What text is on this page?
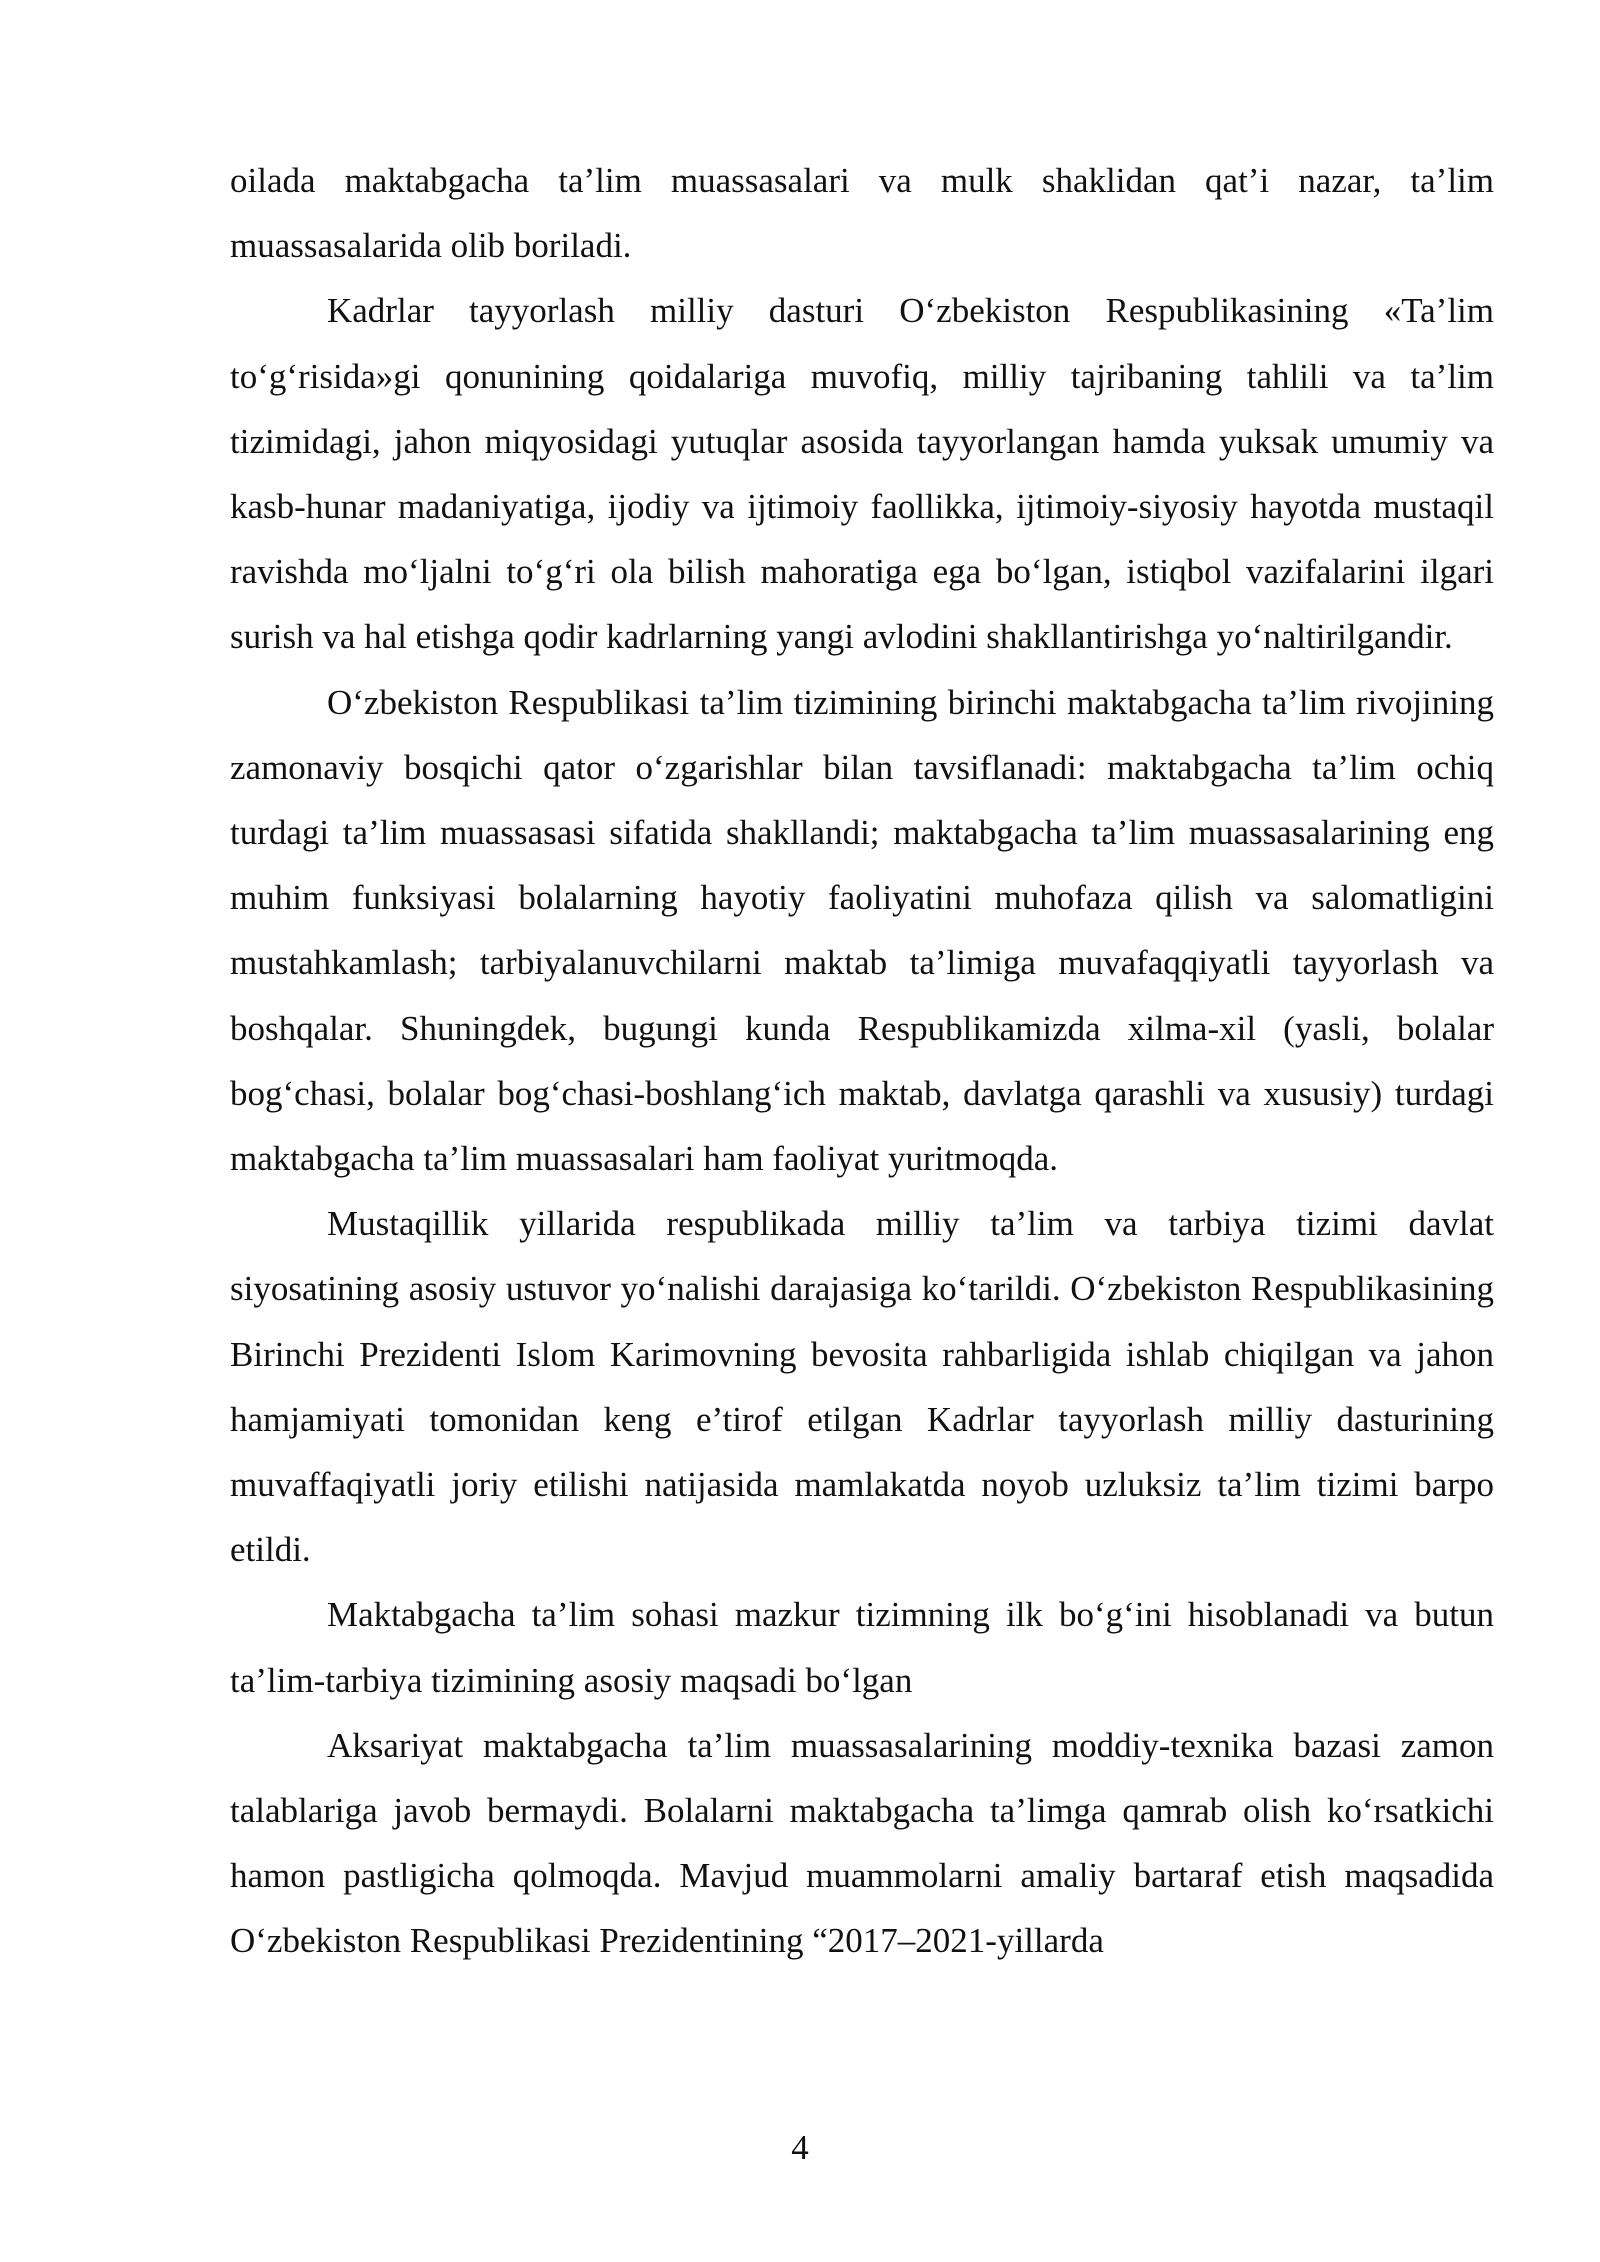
oilada maktabgacha ta’lim muassasalari va mulk shaklidan qat’i nazar, ta’lim muassasalarida olib boriladi.

Kadrlar tayyorlash milliy dasturi O‘zbekiston Respublikasining «Ta’lim to‘g‘risida»gi qonunining qoidalariga muvofiq, milliy tajribaning tahlili va ta’lim tizimidagi, jahon miqyosidagi yutuqlar asosida tayyorlangan hamda yuksak umumiy va kasb-hunar madaniyatiga, ijodiy va ijtimoiy faollikka, ijtimoiy-siyosiy hayotda mustaqil ravishda mo‘ljalni to‘g‘ri ola bilish mahoratiga ega bo‘lgan, istiqbol vazifalarini ilgari surish va hal etishga qodir kadrlarning yangi avlodini shakllantirishga yo‘naltirilgandir.

O‘zbekiston Respublikasi ta’lim tizimining birinchi maktabgacha ta’lim rivojining zamonaviy bosqichi qator o‘zgarishlar bilan tavsiflanadi: maktabgacha ta’lim ochiq turdagi ta’lim muassasasi sifatida shakllandi; maktabgacha ta’lim muassasalarining eng muhim funksiyasi bolalarning hayotiy faoliyatini muhofaza qilish va salomatligini mustahkamlash; tarbiyalanuvchilarni maktab ta’limiga muvafaqqiyatli tayyorlash va boshqalar. Shuningdek, bugungi kunda Respublikamizda xilma-xil (yasli, bolalar bog‘chasi, bolalar bog‘chasi-boshlang‘ich maktab, davlatga qarashli va xususiy) turdagi maktabgacha ta’lim muassasalari ham faoliyat yuritmoqda.

Mustaqillik yillarida respublikada milliy ta’lim va tarbiya tizimi davlat siyosatining asosiy ustuvor yo‘nalishi darajasiga ko‘tarildi. O‘zbekiston Respublikasining Birinchi Prezidenti Islom Karimovning bevosita rahbarligida ishlab chiqilgan va jahon hamjamiyati tomonidan keng e’tirof etilgan Kadrlar tayyorlash milliy dasturining muvaffaqiyatli joriy etilishi natijasida mamlakatda noyob uzluksiz ta’lim tizimi barpo etildi.

Maktabgacha ta’lim sohasi mazkur tizimning ilk bo‘g‘ini hisoblanadi va butun ta’lim-tarbiya tizimining asosiy maqsadi bo‘lgan

Aksariyat maktabgacha ta’lim muassasalarining moddiy-texnika bazasi zamon talablariga javob bermaydi. Bolalarni maktabgacha ta’limga qamrab olish ko‘rsatkichi hamon pastligicha qolmoqda. Mavjud muammolarni amaliy bartaraf etish maqsadida O‘zbekiston Respublikasi Prezidentining “2017–2021-yillarda

4
